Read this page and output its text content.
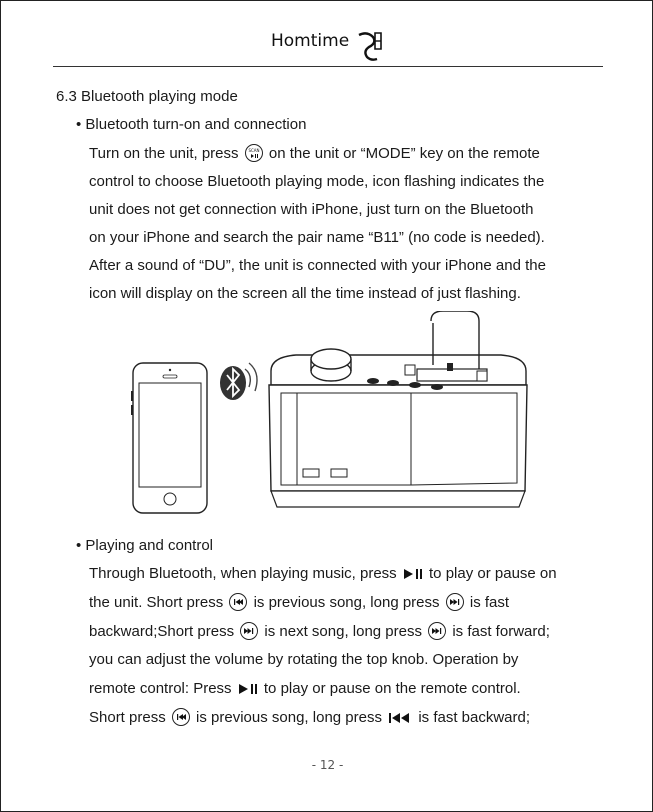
Homtime
6.3 Bluetooth playing mode
• Bluetooth turn-on and connection
Turn on the unit, press SCAN on the unit or “MODE” key on the remote
control to choose Bluetooth playing mode, icon flashing indicates the
unit does not get connection with iPhone, just turn on the Bluetooth
on your iPhone and search the pair name “B11” (no code is needed).
After a sound of “DU”, the unit is connected with your iPhone and the
icon will display on the screen all the time instead of just flashing.
• Playing and control
Through Bluetooth, when playing music, press  to play or pause on
the unit. Short press
is previous song, long press
is fast
backward;Short press
is next song, long press
is fast forward;
you can adjust the volume by rotating the top knob. Operation by
remote control: Press  to play or pause on the remote control.
Short press
is previous song, long press  is fast backward;
- 12 -
